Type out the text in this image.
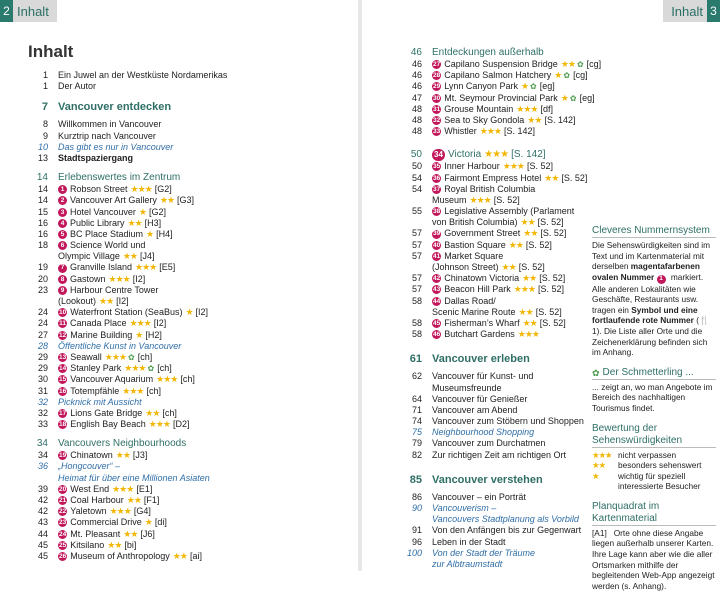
2 Inhalt	Inhalt 3
Inhalt
1	Ein Juwel an der Westküste Nordamerikas
1	Der Autor
7 Vancouver entdecken
8	Willkommen in Vancouver
9	Kurztrip nach Vancouver
10	Das gibt es nur in Vancouver
13	Stadtspaziergang
14	Erlebenswertes im Zentrum
14	1 Robson Street ★★★ [G2]
14	2 Vancouver Art Gallery ★★ [G3]
15	3 Hotel Vancouver ★ [G2]
16	4 Public Library ★★ [H3]
16	5 BC Place Stadium ★ [H4]
18	6 Science World und
Olympic Village ★★ [J4]
19	7 Granville Island ★★★ [E5]
20	8 Gastown ★★★ [I2]
23	9 Harbour Centre Tower
(Lookout) ★★ [I2]
24	10 Waterfront Station (SeaBus) ★ [I2]
24	11 Canada Place ★★★ [I2]
27	12 Marine Building ★ [H2]
28	Öffentliche Kunst in Vancouver
29	13 Seawall ★★★ ✿ [ch]
29	14 Stanley Park ★★★ ✿ [ch]
30	15 Vancouver Aquarium ★★★ [ch]
31	16 Totempfähle ★★★ [ch]
32	Picknick mit Aussicht
32	17 Lions Gate Bridge ★★ [ch]
33	18 English Bay Beach ★★★ [D2]
34	Vancouvers Neighbourhoods
34	19 Chinatown ★★ [J3]
36	„Hongcouver“ –
Heimat für über eine Millionen Asiaten
39	20 West End ★★★ [E1]
42	21 Coal Harbour ★★ [F1]
42	22 Yaletown ★★★ [G4]
43	23 Commercial Drive ★ [di]
44	24 Mt. Pleasant ★★ [J6]
45	25 Kitsilano ★★ [bi]
45	26 Museum of Anthropology ★★ [ai]
46	Entdeckungen außerhalb
46	27 Capilano Suspension Bridge ★★ ✿ [cg]
46	28 Capilano Salmon Hatchery ★ ✿ [cg]
46	29 Lynn Canyon Park ★ ✿ [eg]
47	30 Mt. Seymour Provincial Park ★ ✿ [eg]
48	31 Grouse Mountain ★★★ [df]
48	32 Sea to Sky Gondola ★★ [S. 142]
48	33 Whistler ★★★ [S. 142]
50	34 Victoria ★★★ [S. 142]
50	35 Inner Harbour ★★★ [S. 52]
54	36 Fairmont Empress Hotel ★★ [S. 52]
54	37 Royal British Columbia
Museum ★★★ [S. 52]
55	38 Legislative Assembly (Parlament
von British Columbia) ★★ [S. 52]
57	39 Government Street ★★ [S. 52]
57	40 Bastion Square ★★ [S. 52]
57	41 Market Square
(Johnson Street) ★★ [S. 52]
57	42 Chinatown Victoria ★★ [S. 52]
57	43 Beacon Hill Park ★★★ [S. 52]
58	44 Dallas Road/
Scenic Marine Route ★★ [S. 52]
58	45 Fisherman’s Wharf ★★ [S. 52]
58	46 Butchart Gardens ★★★
61 Vancouver erleben
62	Vancouver für Kunst- und
Museumsfreunde
64	Vancouver für Genießer
71	Vancouver am Abend
74	Vancouver zum Stöbern und Shoppen
75	Neighbourhood Shopping
79	Vancouver zum Durchatmen
82	Zur richtigen Zeit am richtigen Ort
85 Vancouver verstehen
86	Vancouver – ein Porträt
90	Vancouverism –
Vancouvers Stadtplanung als Vorbild
91	Von den Anfängen bis zur Gegenwart
96	Leben in der Stadt
100	Von der Stadt der Träume
zur Albtraumstadt
Cleveres Nummernsystem
Die Sehenswürdigkeiten sind im Text und im Kartenmaterial mit derselben magentafarbenen ovalen Nummer 1 markiert. Alle anderen Lokalitäten wie Geschäfte, Restaurants usw. tragen ein Symbol und eine fortlaufende rote Nummer (🍴1). Die Liste aller Orte und die Zeichenerklärung befinden sich im Anhang.
✿ Der Schmetterling ...
... zeigt an, wo man Angebote im Bereich des nachhaltigen Tourismus findet.
Bewertung der
Sehenswürdigkeiten
★★★ nicht verpassen
★★	besonders sehenswert
★	wichtig für speziell interessierte Besucher
Planquadrat im Kartenmaterial
[A1] Orte ohne diese Angabe liegen außerhalb unserer Karten. Ihre Lage kann aber wie die aller Ortsmarken mithilfe der begleitenden Web-App angezeigt werden (s. Anhang).
